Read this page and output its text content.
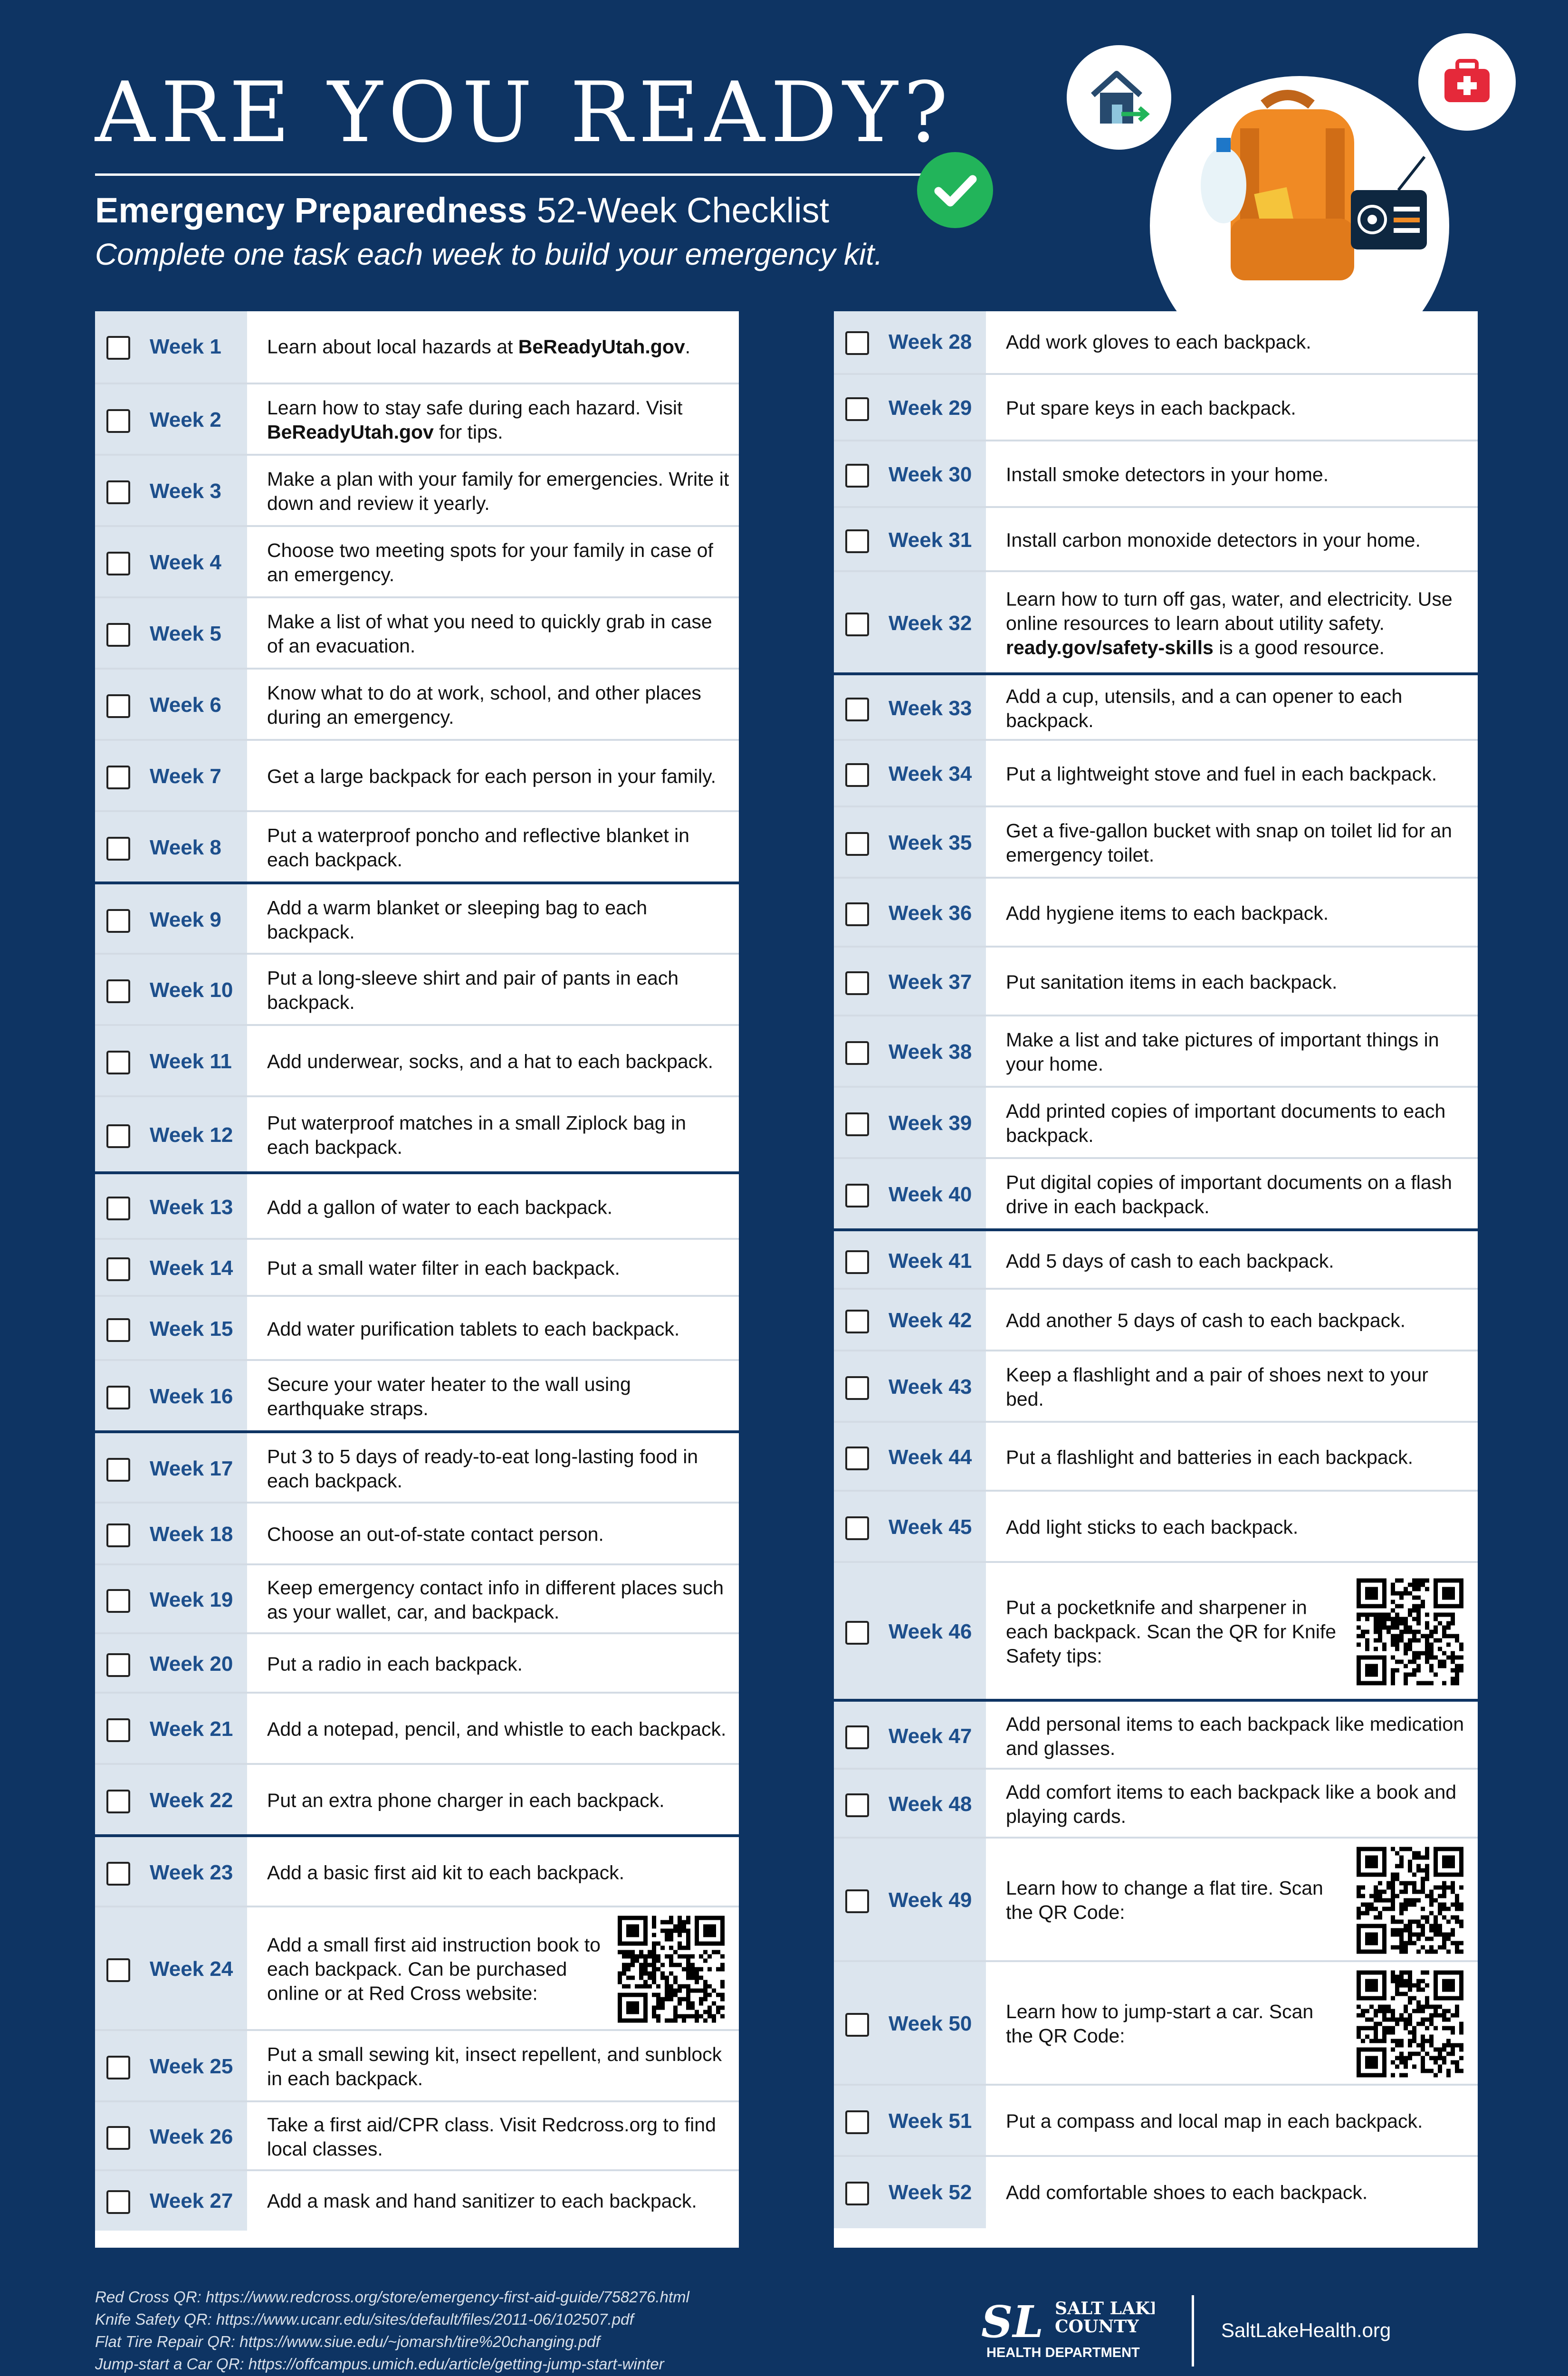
ARE YOU READY?
Emergency Preparedness 52-Week Checklist
Complete one task each week to build your emergency kit.
Week 1 Learn about local hazards at BeReadyUtah.gov.
Week 2
Learn how to stay safe during each hazard. Visit BeReadyUtah.gov for tips.
Week 3
Make a plan with your family for emergencies. Write it down and review it yearly.
Week 4
Choose two meeting spots for your family in case of an emergency.
Week 5
Make a list of what you need to quickly grab in case of an evacuation.
Week 6
Know what to do at work, school, and other places during an emergency.
Week 7 Get a large backpack for each person in your family.
Week 8
Put a waterproof poncho and reflective blanket in each backpack.
Week 9
Add a warm blanket or sleeping bag to each backpack.
Week 10
Put a long-sleeve shirt and pair of pants in each backpack.
Week 11 Add underwear, socks, and a hat to each backpack.
Week 12
Put waterproof matches in a small Ziplock bag in each backpack.
Week 13 Add a gallon of water to each backpack.
Week 14 Put a small water filter in each backpack.
Week 15 Add water purification tablets to each backpack.
Week 16
Secure your water heater to the wall using earthquake straps.
Week 17
Put 3 to 5 days of ready-to-eat long-lasting food in each backpack.
Week 18 Choose an out-of-state contact person.
Week 19
Keep emergency contact info in different places such as your wallet, car, and backpack.
Week 20 Put a radio in each backpack.
Week 21 Add a notepad, pencil, and whistle to each backpack.
Week 22 Put an extra phone charger in each backpack.
Week 23 Add a basic first aid kit to each backpack.
Week 24
Add a small first aid instruction book to each backpack. Can be purchased online or at Red Cross website:
Week 25
Put a small sewing kit, insect repellent, and sunblock in each backpack.
Week 26
Take a first aid/CPR class. Visit Redcross.org to find local classes.
Week 27 Add a mask and hand sanitizer to each backpack.
Week 28 Add work gloves to each backpack.
Week 29 Put spare keys in each backpack.
Week 30 Install smoke detectors in your home.
Week 31 Install carbon monoxide detectors in your home.
Week 32
Learn how to turn off gas, water, and electricity. Use online resources to learn about utility safety. ready.gov/safety-skills is a good resource.
Week 33
Add a cup, utensils, and a can opener to each backpack.
Week 34 Put a lightweight stove and fuel in each backpack.
Week 35
Get a five-gallon bucket with snap on toilet lid for an emergency toilet.
Week 36 Add hygiene items to each backpack.
Week 37 Put sanitation items in each backpack.
Week 38
Make a list and take pictures of important things in your home.
Week 39
Add printed copies of important documents to each backpack.
Week 40
Put digital copies of important documents on a flash drive in each backpack.
Week 41 Add 5 days of cash to each backpack.
Week 42 Add another 5 days of cash to each backpack.
Week 43
Keep a flashlight and a pair of shoes next to your bed.
Week 44 Put a flashlight and batteries in each backpack.
Week 45 Add light sticks to each backpack.
Week 46
Put a pocketknife and sharpener in each backpack. Scan the QR for Knife Safety tips:
Week 47
Add personal items to each backpack like medication and glasses.
Week 48
Add comfort items to each backpack like a book and playing cards.
Week 49
Learn how to change a flat tire. Scan the QR Code:
Week 50
Learn how to jump-start a car. Scan the QR Code:
Week 51 Put a compass and local map in each backpack.
Week 52 Add comfortable shoes to each backpack.
Red Cross QR: https://www.redcross.org/store/emergency-first-aid-guide/758276.html
Knife Safety QR: https://www.ucanr.edu/sites/default/files/2011-06/102507.pdf
Flat Tire Repair QR: https://www.siue.edu/~jomarsh/tire%20changing.pdf
Jump-start a Car QR: https://offcampus.umich.edu/article/getting-jump-start-winter
SL SALT LAKE
COUNTY
HEALTH DEPARTMENT
SaltLakeHealth.org
